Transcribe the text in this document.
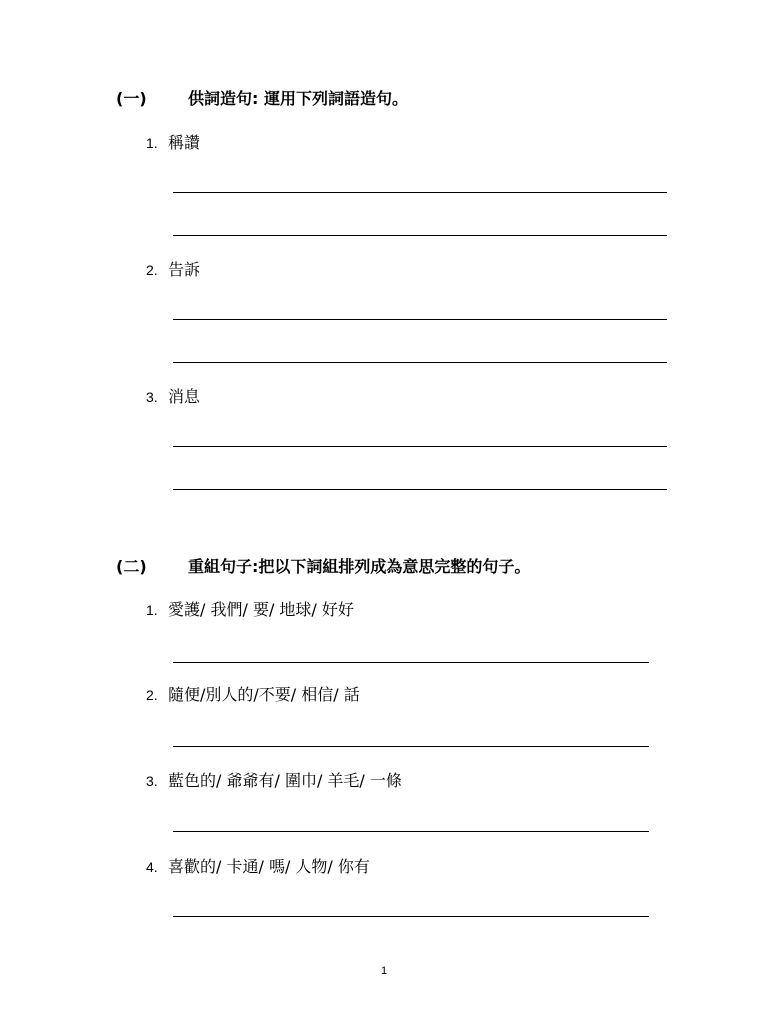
(一)	供詞造句: 運用下列詞語造句。
1. 稱讚
2. 告訴
3. 消息
(二)	重組句子:把以下詞組排列成為意思完整的句子。
1. 愛護/ 我們/ 要/ 地球/ 好好
2. 隨便/別人的/不要/ 相信/ 話
3. 藍色的/ 爺爺有/ 圍巾/ 羊毛/ 一條
4. 喜歡的/ 卡通/ 嗎/ 人物/ 你有
1
